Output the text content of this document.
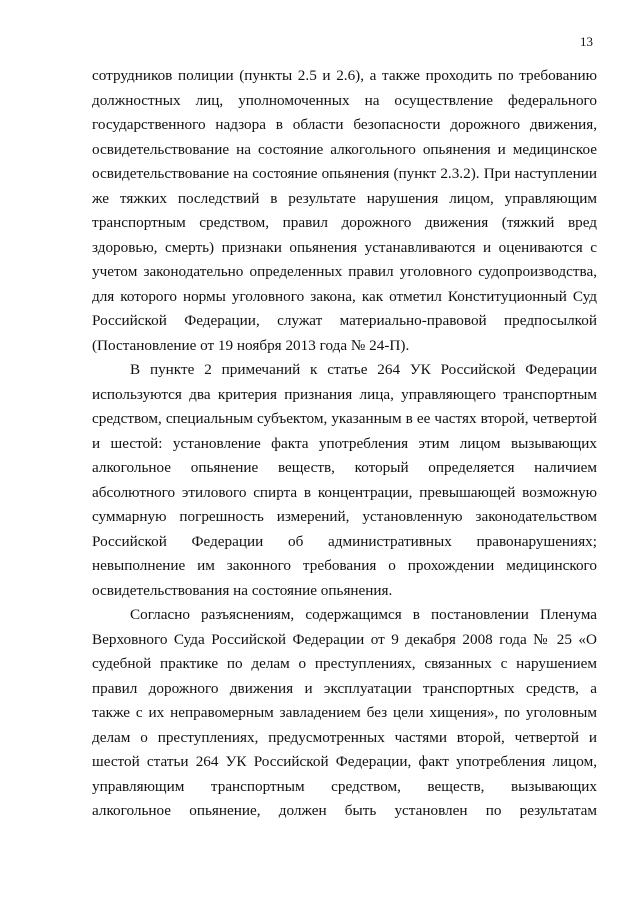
13
сотрудников полиции (пункты 2.5 и 2.6), а также проходить по требованию
должностных лиц, уполномоченных на осуществление федерального
государственного надзора в области безопасности дорожного движения,
освидетельствование на состояние алкогольного опьянения и медицинское
освидетельствование на состояние опьянения (пункт 2.3.2). При наступлении
же тяжких последствий в результате нарушения лицом, управляющим
транспортным средством, правил дорожного движения (тяжкий вред
здоровью, смерть) признаки опьянения устанавливаются и оцениваются с
учетом законодательно определенных правил уголовного судопроизводства,
для которого нормы уголовного закона, как отметил Конституционный Суд
Российской Федерации, служат материально-правовой предпосылкой
(Постановление от 19 ноября 2013 года № 24-П).
В пункте 2 примечаний к статье 264 УК Российской Федерации
используются два критерия признания лица, управляющего транспортным
средством, специальным субъектом, указанным в ее частях второй, четвертой
и шестой: установление факта употребления этим лицом вызывающих
алкогольное опьянение веществ, который определяется наличием
абсолютного этилового спирта в концентрации, превышающей возможную
суммарную погрешность измерений, установленную законодательством
Российской Федерации об административных правонарушениях;
невыполнение им законного требования о прохождении медицинского
освидетельствования на состояние опьянения.
Согласно разъяснениям, содержащимся в постановлении Пленума
Верховного Суда Российской Федерации от 9 декабря 2008 года № 25 «О
судебной практике по делам о преступлениях, связанных с нарушением
правил дорожного движения и эксплуатации транспортных средств, а
также с их неправомерным завладением без цели хищения», по уголовным
делам о преступлениях, предусмотренных частями второй, четвертой и
шестой статьи 264 УК Российской Федерации, факт употребления лицом,
управляющим транспортным средством, веществ, вызывающих
алкогольное опьянение, должен быть установлен по результатам
